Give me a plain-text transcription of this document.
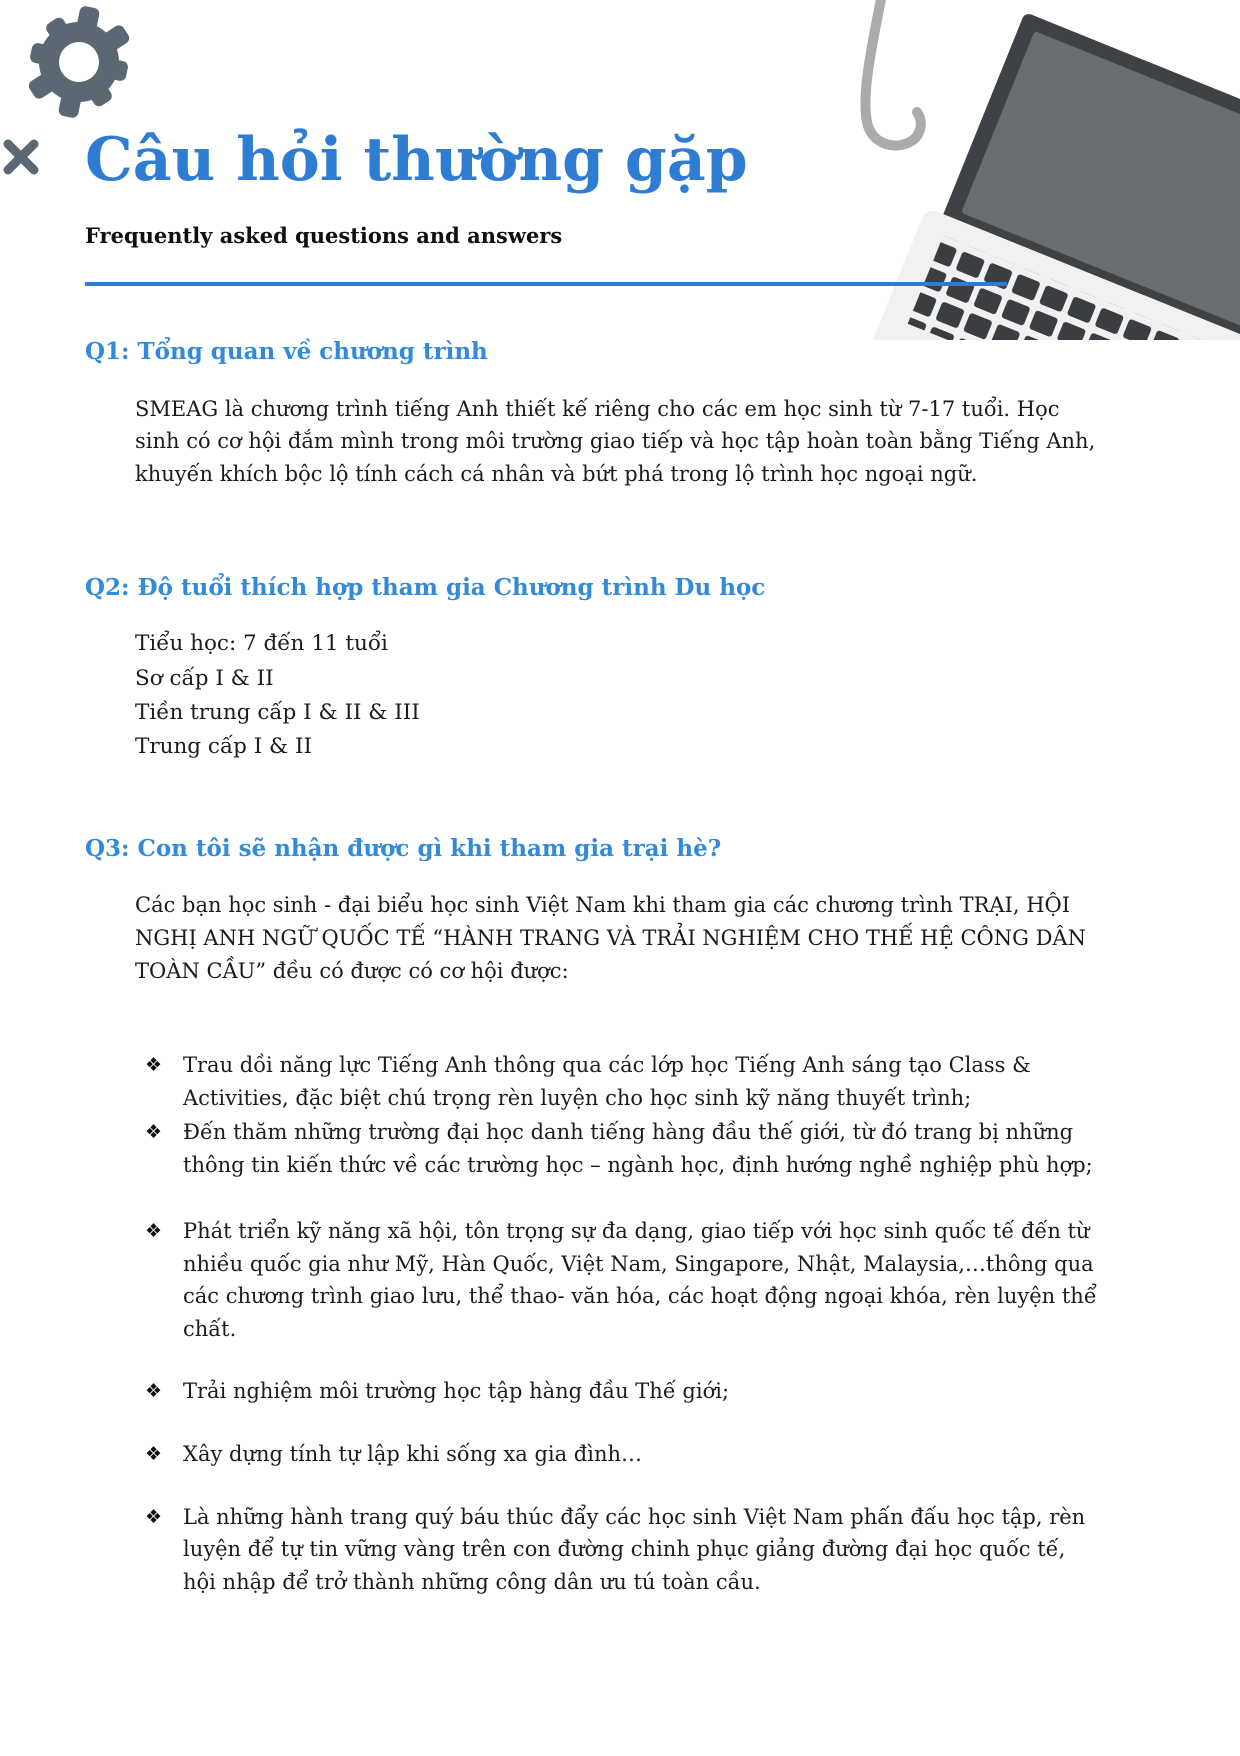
Câu hỏi thường gặp

Frequently asked questions and answers

Q1: Tổng quan về chương trình

SMEAG là chương trình tiếng Anh thiết kế riêng cho các em học sinh từ 7-17 tuổi. Học sinh có cơ hội đắm mình trong môi trường giao tiếp và học tập hoàn toàn bằng Tiếng Anh, khuyến khích bộc lộ tính cách cá nhân và bứt phá trong lộ trình học ngoại ngữ.

Q2: Độ tuổi thích hợp tham gia Chương trình Du học
Tiểu học: 7 đến 11 tuổi
Sơ cấp I & II
Tiền trung cấp I & II & III
Trung cấp I & II
Q3: Con tôi sẽ nhận được gì khi tham gia trại hè?

Các bạn học sinh - đại biểu học sinh Việt Nam khi tham gia các chương trình TRẠI, HỘI NGHỊ ANH NGỮ QUỐC TẾ “HÀNH TRANG VÀ TRẢI NGHIỆM CHO THẾ HỆ CÔNG DÂN TOÀN CẦU” đều có được có cơ hội được:

❖ Trau dồi năng lực Tiếng Anh thông qua các lớp học Tiếng Anh sáng tạo Class & Activities, đặc biệt chú trọng rèn luyện cho học sinh kỹ năng thuyết trình;
❖ Đến thăm những trường đại học danh tiếng hàng đầu thế giới, từ đó trang bị những thông tin kiến thức về các trường học – ngành học, định hướng nghề nghiệp phù hợp;
❖ Phát triển kỹ năng xã hội, tôn trọng sự đa dạng, giao tiếp với học sinh quốc tế đến từ nhiều quốc gia như Mỹ, Hàn Quốc, Việt Nam, Singapore, Nhật, Malaysia,…thông qua các chương trình giao lưu, thể thao- văn hóa, các hoạt động ngoại khóa, rèn luyện thể chất.
❖ Trải nghiệm môi trường học tập hàng đầu Thế giới;
❖ Xây dựng tính tự lập khi sống xa gia đình…
❖ Là những hành trang quý báu thúc đẩy các học sinh Việt Nam phấn đấu học tập, rèn luyện để tự tin vững vàng trên con đường chinh phục giảng đường đại học quốc tế, hội nhập để trở thành những công dân ưu tú toàn cầu.
